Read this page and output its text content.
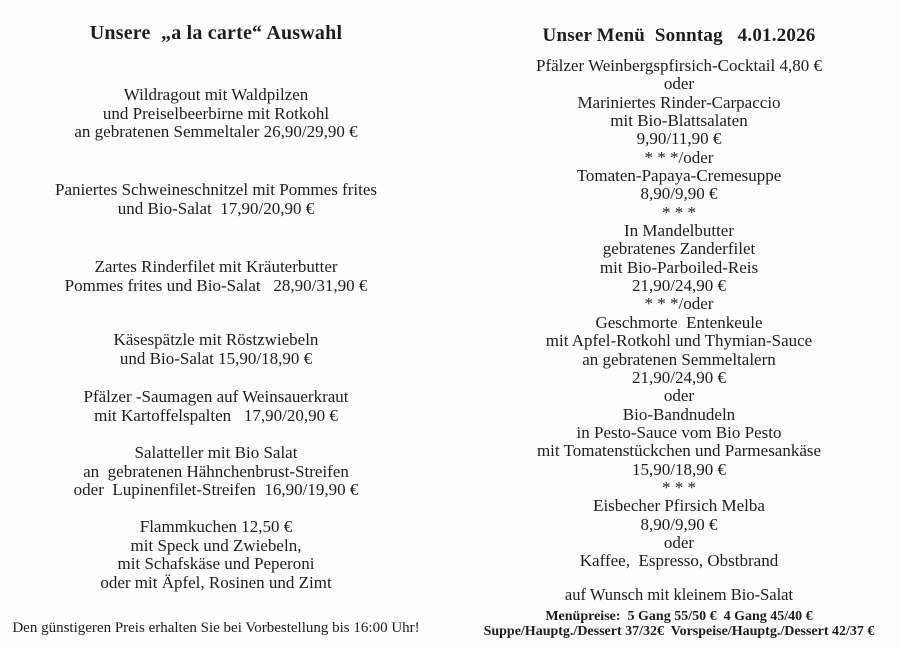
Unsere  „a la carte“ Auswahl
Wildragout mit Waldpilzen
und Preiselbeerbirne mit Rotkohl
an gebratenen Semmeltaler 26,90/29,90 €
Paniertes Schweineschnitzel mit Pommes frites
und Bio-Salat  17,90/20,90 €
Zartes Rinderfilet mit Kräuterbutter
Pommes frites und Bio-Salat   28,90/31,90 €
Käsespätzle mit Röstzwiebeln
und Bio-Salat 15,90/18,90 €
Pfälzer -Saumagen auf Weinsauerkraut
mit Kartoffelspalten   17,90/20,90 €
Salatteller mit Bio Salat
an  gebratenen Hähnchenbrust-Streifen
oder  Lupinenfilet-Streifen  16,90/19,90 €
Flammkuchen 12,50 €
mit Speck und Zwiebeln,
mit Schafskäse und Peperoni
oder mit Äpfel, Rosinen und Zimt

Den günstigeren Preis erhalten Sie bei Vorbestellung bis 16:00 Uhr!

Unser Menü  Sonntag   4.01.2026
Pfälzer Weinbergspfirsich-Cocktail 4,80 €
oder
Mariniertes Rinder-Carpaccio
mit Bio-Blattsalaten
9,90/11,90 €
* * */oder
Tomaten-Papaya-Cremesuppe
8,90/9,90 €
* * *
In Mandelbutter
gebratenes Zanderfilet
mit Bio-Parboiled-Reis
21,90/24,90 €
* * */oder
Geschmorte  Entenkeule
mit Apfel-Rotkohl und Thymian-Sauce
an gebratenen Semmeltalern
21,90/24,90 €
oder
Bio-Bandnudeln
in Pesto-Sauce vom Bio Pesto
mit Tomatenstückchen und Parmesankäse
15,90/18,90 €
* * *
Eisbecher Pfirsich Melba
8,90/9,90 €
oder
Kaffee,  Espresso, Obstbrand

auf Wunsch mit kleinem Bio-Salat

Menüpreise:  5 Gang 55/50 €  4 Gang 45/40 €

Suppe/Hauptg./Dessert 37/32€  Vorspeise/Hauptg./Dessert 42/37 €
